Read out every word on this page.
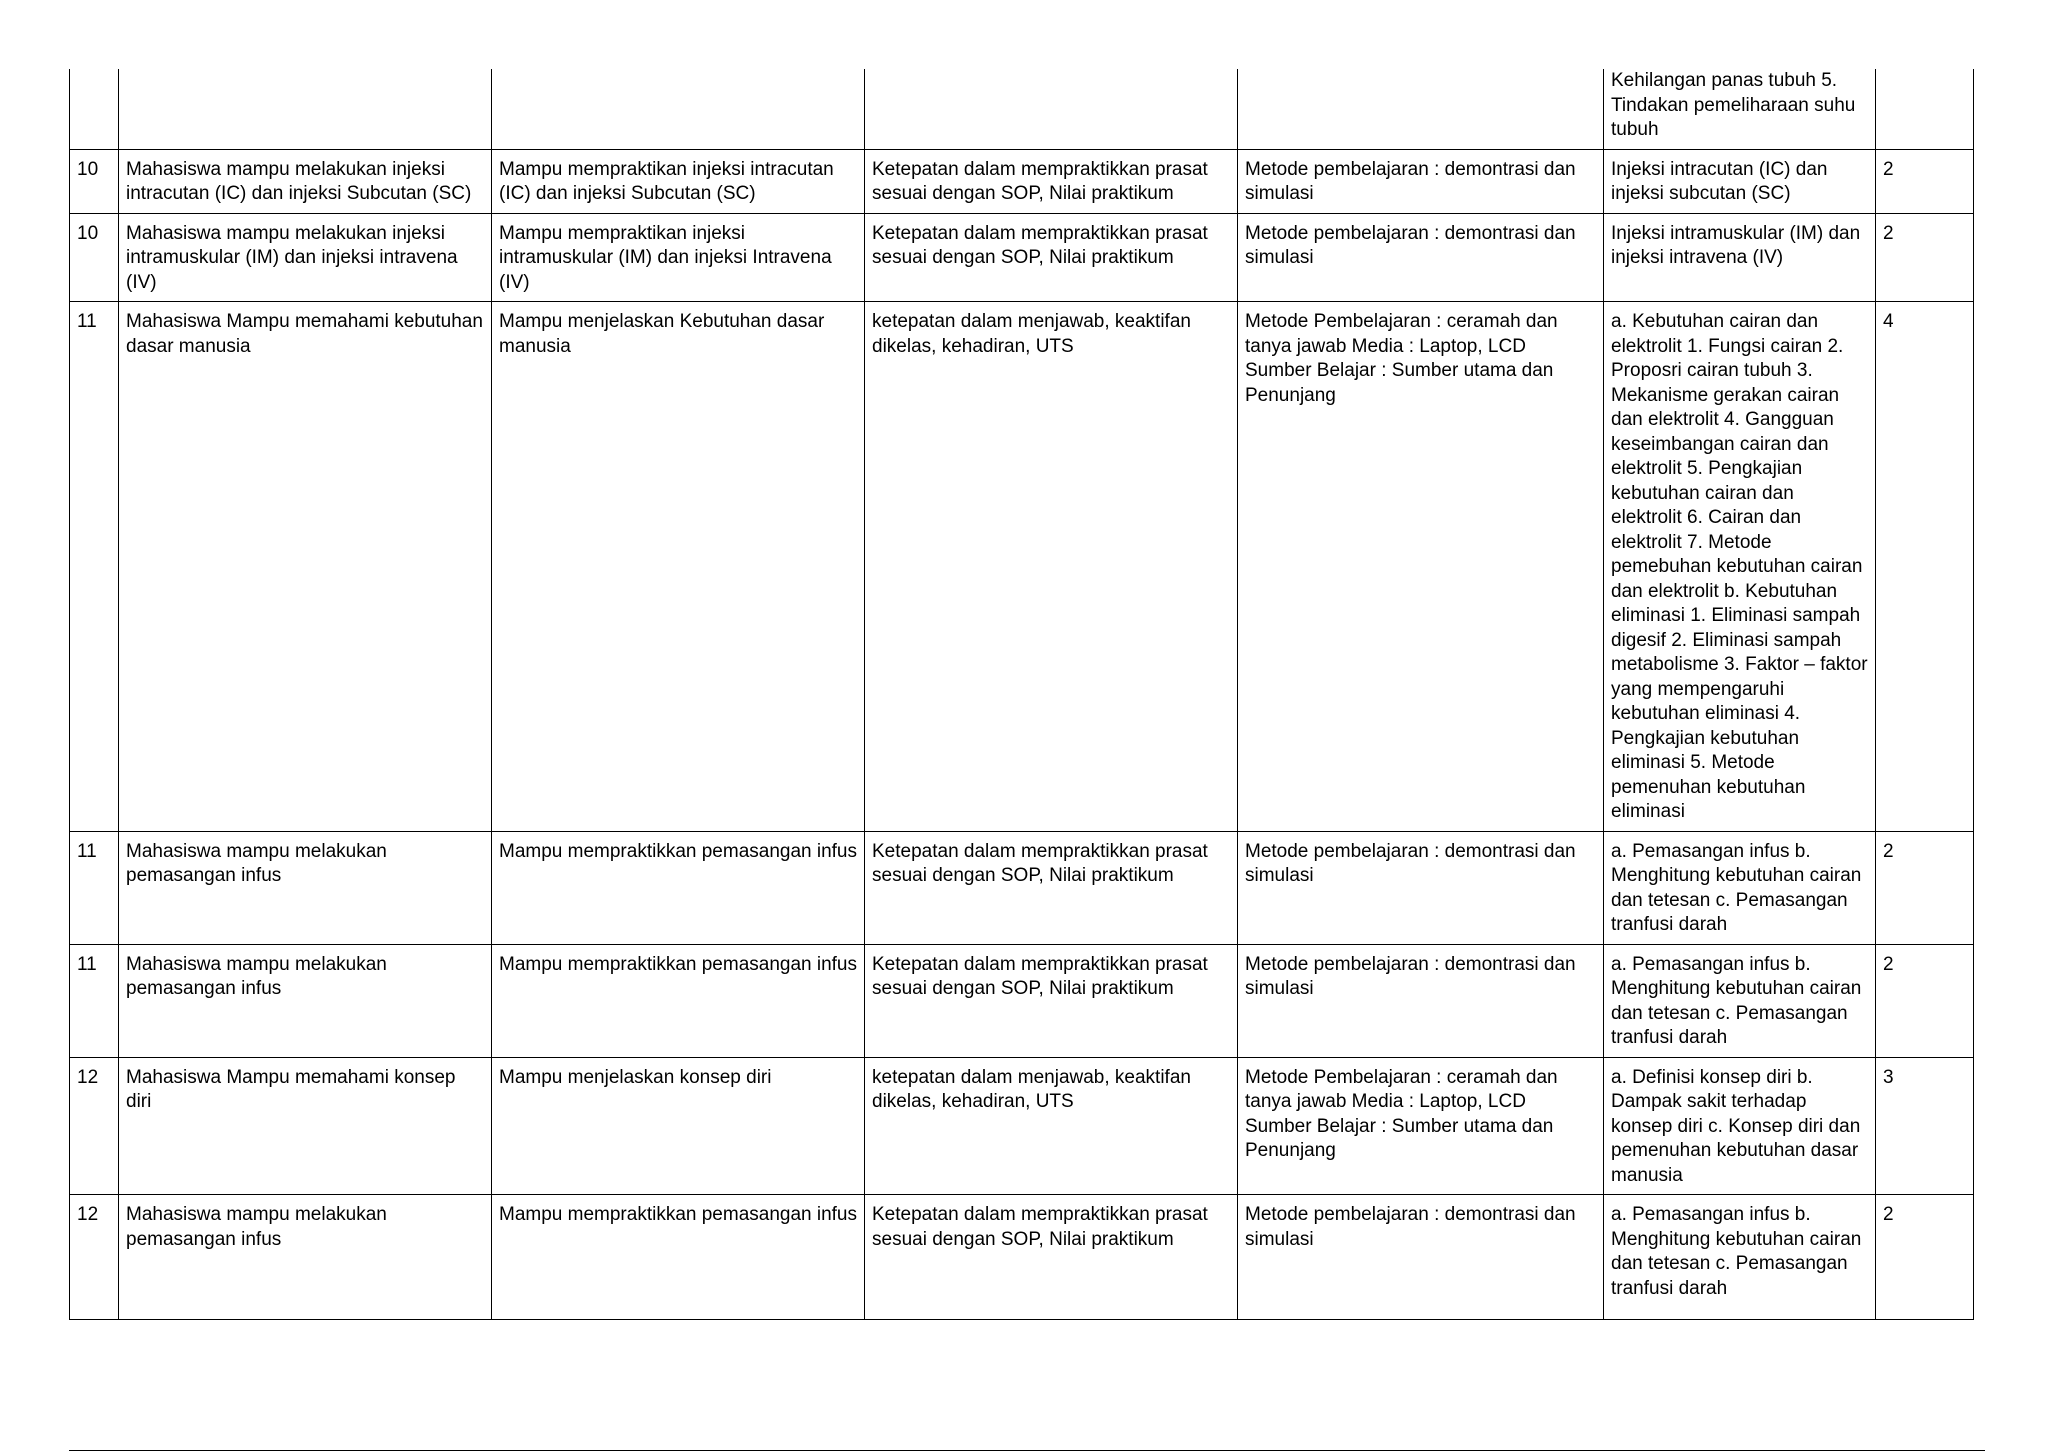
					Kehilangan panas tubuh 5. Tindakan pemeliharaan suhu tubuh	
10	Mahasiswa mampu melakukan injeksi intracutan (IC) dan injeksi Subcutan (SC)	Mampu mempraktikan injeksi intracutan (IC) dan injeksi Subcutan (SC)	Ketepatan dalam mempraktikkan prasat sesuai dengan SOP, Nilai praktikum	Metode pembelajaran : demontrasi dan simulasi	Injeksi intracutan (IC) dan injeksi subcutan (SC)	2
10	Mahasiswa mampu melakukan injeksi intramuskular (IM) dan injeksi intravena (IV)	Mampu mempraktikan injeksi intramuskular (IM) dan injeksi Intravena (IV)	Ketepatan dalam mempraktikkan prasat sesuai dengan SOP, Nilai praktikum	Metode pembelajaran : demontrasi dan simulasi	Injeksi intramuskular (IM) dan injeksi intravena (IV)	2
11	Mahasiswa Mampu memahami kebutuhan dasar manusia	Mampu menjelaskan Kebutuhan dasar manusia	ketepatan dalam menjawab, keaktifan dikelas, kehadiran, UTS	Metode Pembelajaran : ceramah dan tanya jawab Media : Laptop, LCD Sumber Belajar : Sumber utama dan Penunjang	a. Kebutuhan cairan dan elektrolit 1. Fungsi cairan 2. Proposri cairan tubuh 3. Mekanisme gerakan cairan dan elektrolit 4. Gangguan keseimbangan cairan dan elektrolit 5. Pengkajian kebutuhan cairan dan elektrolit 6. Cairan dan elektrolit 7. Metode pemebuhan kebutuhan cairan dan elektrolit b. Kebutuhan eliminasi 1. Eliminasi sampah digesif 2. Eliminasi sampah metabolisme 3. Faktor – faktor yang mempengaruhi kebutuhan eliminasi 4. Pengkajian kebutuhan eliminasi 5. Metode pemenuhan kebutuhan eliminasi	4
11	Mahasiswa mampu melakukan pemasangan infus	Mampu mempraktikkan pemasangan infus	Ketepatan dalam mempraktikkan prasat sesuai dengan SOP, Nilai praktikum	Metode pembelajaran : demontrasi dan simulasi	a. Pemasangan infus b. Menghitung kebutuhan cairan dan tetesan c. Pemasangan tranfusi darah	2
11	Mahasiswa mampu melakukan pemasangan infus	Mampu mempraktikkan pemasangan infus	Ketepatan dalam mempraktikkan prasat sesuai dengan SOP, Nilai praktikum	Metode pembelajaran : demontrasi dan simulasi	a. Pemasangan infus b. Menghitung kebutuhan cairan dan tetesan c. Pemasangan tranfusi darah	2
12	Mahasiswa Mampu memahami konsep diri	Mampu menjelaskan konsep diri	ketepatan dalam menjawab, keaktifan dikelas, kehadiran, UTS	Metode Pembelajaran : ceramah dan tanya jawab Media : Laptop, LCD Sumber Belajar : Sumber utama dan Penunjang	a. Definisi konsep diri b. Dampak sakit terhadap konsep diri c. Konsep diri dan pemenuhan kebutuhan dasar manusia	3
12	Mahasiswa mampu melakukan pemasangan infus	Mampu mempraktikkan pemasangan infus	Ketepatan dalam mempraktikkan prasat sesuai dengan SOP, Nilai praktikum	Metode pembelajaran : demontrasi dan simulasi	a. Pemasangan infus b. Menghitung kebutuhan cairan dan tetesan c. Pemasangan tranfusi darah	2
